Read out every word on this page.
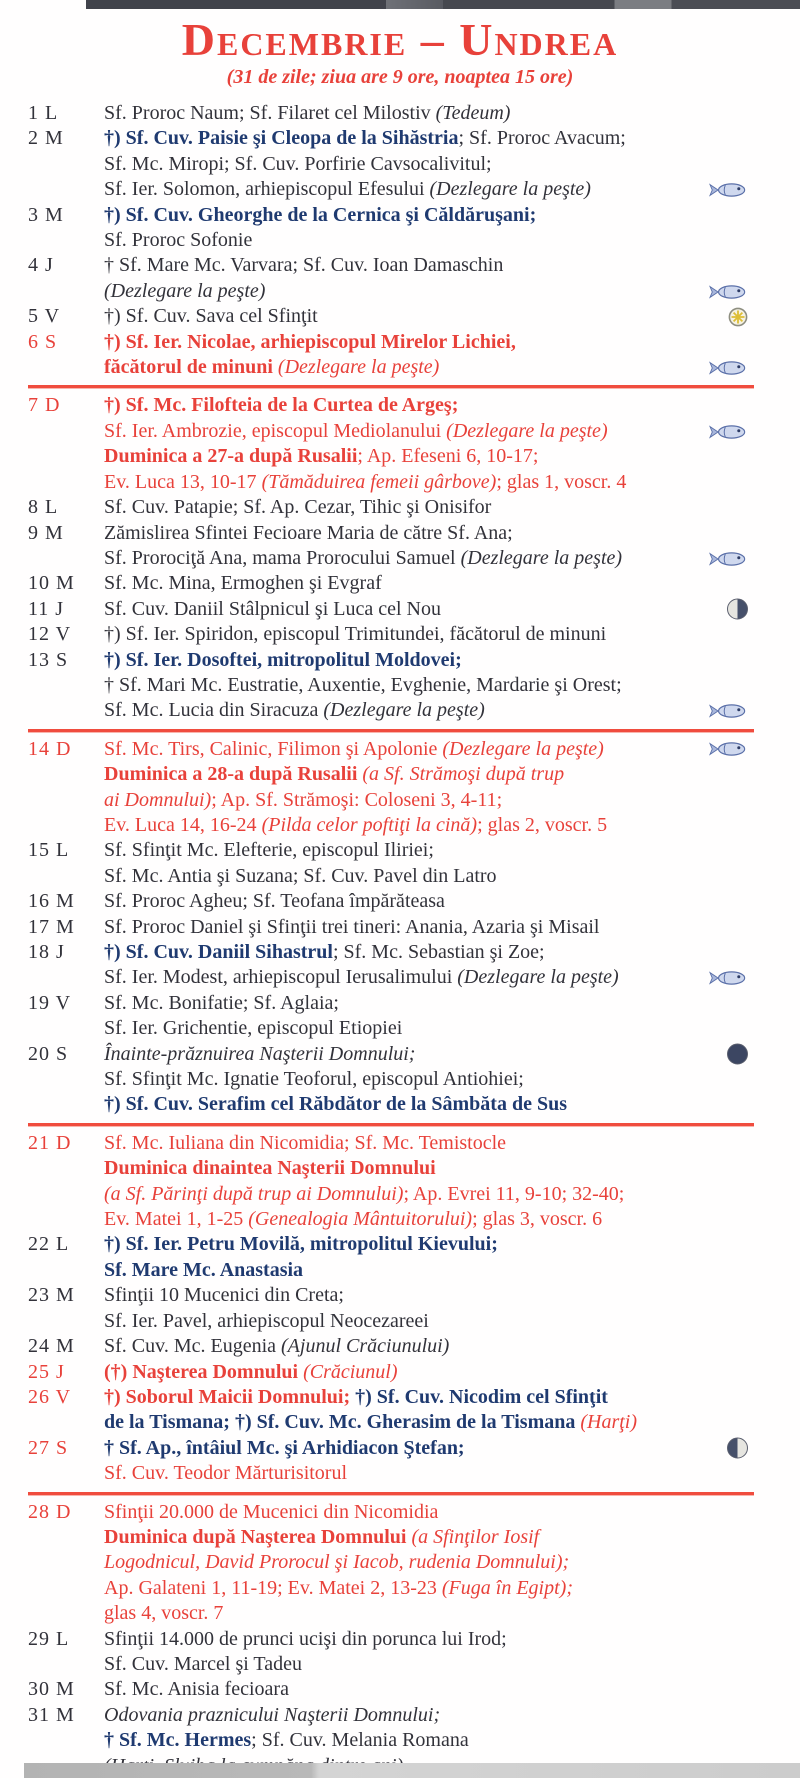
Decembrie – Undrea
(31 de zile; ziua are 9 ore, noaptea 15 ore)
1 L	Sf. Proroc Naum; Sf. Filaret cel Milostiv (Tedeum)
2 M	†) Sf. Cuv. Paisie şi Cleopa de la Sihăstria; Sf. Proroc Avacum;
Sf. Mc. Miropi; Sf. Cuv. Porfirie Cavsocalivitul;
Sf. Ier. Solomon, arhiepiscopul Efesului (Dezlegare la peşte)
3 M	†) Sf. Cuv. Gheorghe de la Cernica şi Căldăruşani;
Sf. Proroc Sofonie
4 J	† Sf. Mare Mc. Varvara; Sf. Cuv. Ioan Damaschin
(Dezlegare la peşte)
5 V	†) Sf. Cuv. Sava cel Sfinţit
6 S	†) Sf. Ier. Nicolae, arhiepiscopul Mirelor Lichiei,
făcătorul de minuni (Dezlegare la peşte)
7 D	†) Sf. Mc. Filofteia de la Curtea de Argeş;
Sf. Ier. Ambrozie, episcopul Mediolanului (Dezlegare la peşte)
Duminica a 27-a după Rusalii; Ap. Efeseni 6, 10-17;
Ev. Luca 13, 10-17 (Tămăduirea femeii gârbove); glas 1, voscr. 4
8 L	Sf. Cuv. Patapie; Sf. Ap. Cezar, Tihic şi Onisifor
9 M	Zămislirea Sfintei Fecioare Maria de către Sf. Ana;
Sf. Prorociţă Ana, mama Prorocului Samuel (Dezlegare la peşte)
10 M	Sf. Mc. Mina, Ermoghen şi Evgraf
11 J	Sf. Cuv. Daniil Stâlpnicul şi Luca cel Nou
12 V	†) Sf. Ier. Spiridon, episcopul Trimitundei, făcătorul de minuni
13 S	†) Sf. Ier. Dosoftei, mitropolitul Moldovei;
† Sf. Mari Mc. Eustratie, Auxentie, Evghenie, Mardarie şi Orest;
Sf. Mc. Lucia din Siracuza (Dezlegare la peşte)
14 D	Sf. Mc. Tirs, Calinic, Filimon şi Apolonie (Dezlegare la peşte)
Duminica a 28-a după Rusalii (a Sf. Strămoşi după trup
ai Domnului); Ap. Sf. Strămoşi: Coloseni 3, 4-11;
Ev. Luca 14, 16-24 (Pilda celor poftiţi la cină); glas 2, voscr. 5
15 L	Sf. Sfinţit Mc. Elefterie, episcopul Iliriei;
Sf. Mc. Antia şi Suzana; Sf. Cuv. Pavel din Latro
16 M	Sf. Proroc Agheu; Sf. Teofana împărăteasa
17 M	Sf. Proroc Daniel şi Sfinţii trei tineri: Anania, Azaria şi Misail
18 J	†) Sf. Cuv. Daniil Sihastrul; Sf. Mc. Sebastian şi Zoe;
Sf. Ier. Modest, arhiepiscopul Ierusalimului (Dezlegare la peşte)
19 V	Sf. Mc. Bonifatie; Sf. Aglaia;
Sf. Ier. Grichentie, episcopul Etiopiei
20 S	Înainte-prăznuirea Naşterii Domnului;
Sf. Sfinţit Mc. Ignatie Teoforul, episcopul Antiohiei;
†) Sf. Cuv. Serafim cel Răbdător de la Sâmbăta de Sus
21 D	Sf. Mc. Iuliana din Nicomidia; Sf. Mc. Temistocle
Duminica dinaintea Naşterii Domnului
(a Sf. Părinţi după trup ai Domnului); Ap. Evrei 11, 9-10; 32-40;
Ev. Matei 1, 1-25 (Genealogia Mântuitorului); glas 3, voscr. 6
22 L	†) Sf. Ier. Petru Movilă, mitropolitul Kievului;
Sf. Mare Mc. Anastasia
23 M	Sfinţii 10 Mucenici din Creta;
Sf. Ier. Pavel, arhiepiscopul Neocezareei
24 M	Sf. Cuv. Mc. Eugenia (Ajunul Crăciunului)
25 J	(†) Naşterea Domnului (Crăciunul)
26 V	†) Soborul Maicii Domnului; †) Sf. Cuv. Nicodim cel Sfinţit
de la Tismana; †) Sf. Cuv. Mc. Gherasim de la Tismana (Harţi)
27 S	† Sf. Ap., întâiul Mc. şi Arhidiacon Ştefan;
Sf. Cuv. Teodor Mărturisitorul
28 D	Sfinţii 20.000 de Mucenici din Nicomidia
Duminica după Naşterea Domnului (a Sfinţilor Iosif
Logodnicul, David Prorocul şi Iacob, rudenia Domnului);
Ap. Galateni 1, 11-19; Ev. Matei 2, 13-23 (Fuga în Egipt);
glas 4, voscr. 7
29 L	Sfinţii 14.000 de prunci ucişi din porunca lui Irod;
Sf. Cuv. Marcel şi Tadeu
30 M	Sf. Mc. Anisia fecioara
31 M	Odovania praznicului Naşterii Domnului;
† Sf. Mc. Hermes; Sf. Cuv. Melania Romana
